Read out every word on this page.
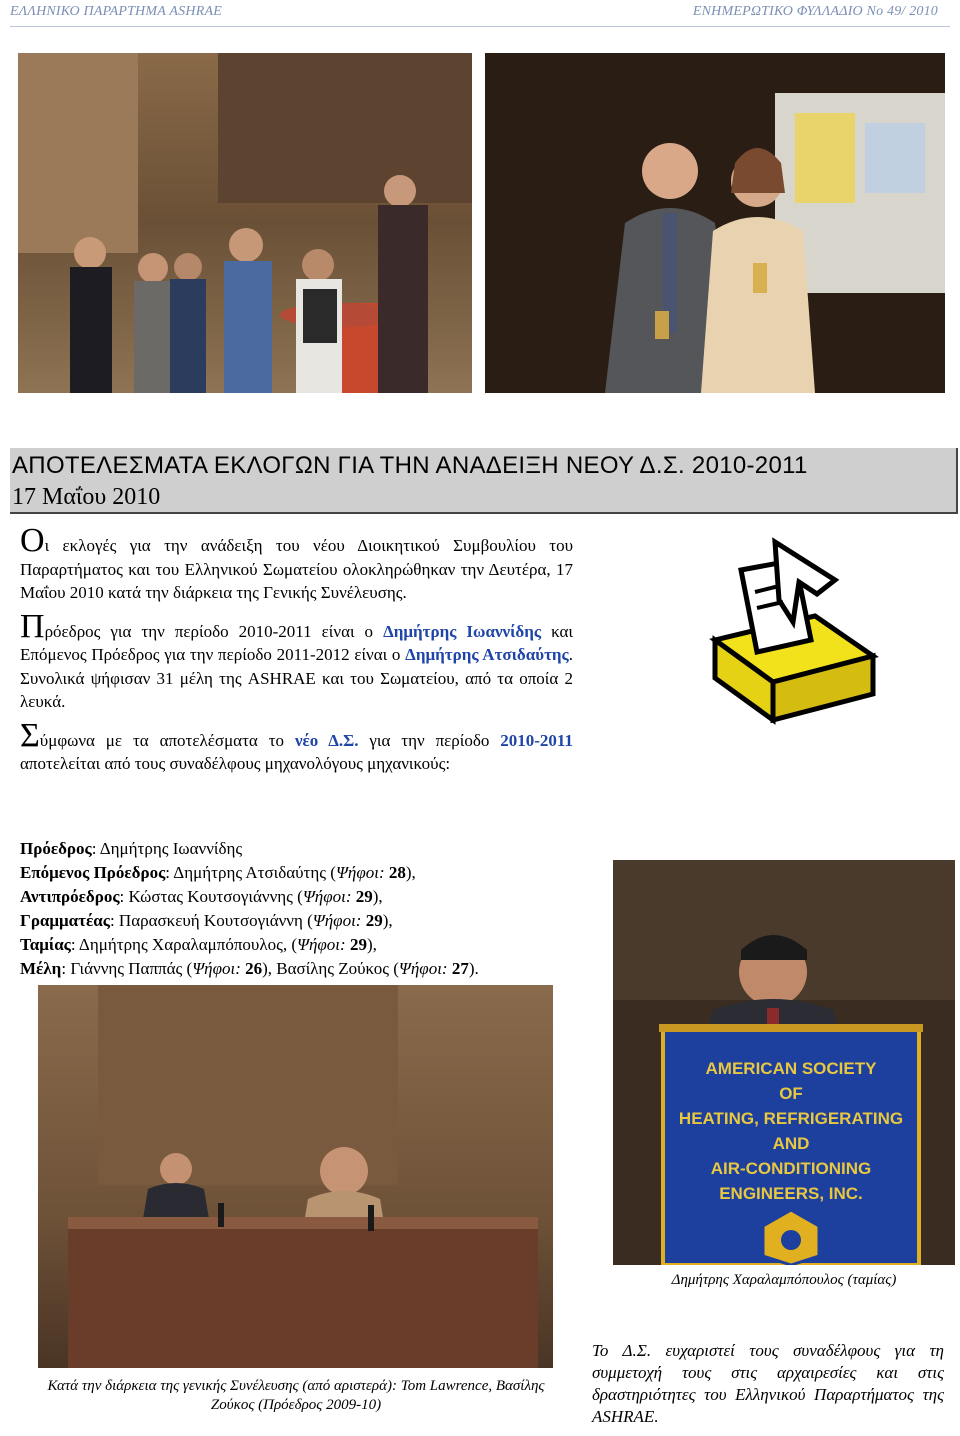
ΕΛΛΗΝΙΚΟ ΠΑΡΑΡΤΗΜΑ ASHRAE	ΕΝΗΜΕΡΩΤΙΚΟ ΦΥΛΛΑΔΙΟ No 49/ 2010
ΑΠΟΤΕΛΕΣΜΑΤΑ ΕΚΛΟΓΩΝ ΓΙΑ ΤΗΝ ΑΝΑΔΕΙΞΗ ΝΕΟΥ Δ.Σ. 2010-2011
17 Μαΐου 2010

Οι εκλογές για την ανάδειξη του νέου Διοικητικού Συμβουλίου του Παραρτήματος και του Ελληνικού Σωματείου ολοκληρώθηκαν την Δευτέρα, 17 Μαΐου 2010 κατά την διάρκεια της Γενικής Συνέλευσης.

Πρόεδρος για την περίοδο 2010-2011 είναι ο Δημήτρης Ιωαννίδης και Επόμενος Πρόεδρος για την περίοδο 2011-2012 είναι ο Δημήτρης Ατσιδαύτης. Συνολικά ψήφισαν 31 μέλη της ASHRAE και του Σωματείου, από τα οποία 2 λευκά.

Σύμφωνα με τα αποτελέσματα το νέο Δ.Σ. για την περίοδο 2010-2011 αποτελείται από τους συναδέλφους μηχανολόγους μηχανικούς:

Πρόεδρος: Δημήτρης Ιωαννίδης
Επόμενος Πρόεδρος: Δημήτρης Ατσιδαύτης (Ψήφοι: 28),
Αντιπρόεδρος: Κώστας Κουτσογιάννης (Ψήφοι: 29),
Γραμματέας: Παρασκευή Κουτσογιάννη (Ψήφοι: 29),
Ταμίας: Δημήτρης Χαραλαμπόπουλος, (Ψήφοι: 29),
Μέλη: Γιάννης Παππάς (Ψήφοι: 26), Βασίλης Ζούκος (Ψήφοι: 27).
AMERICAN SOCIETY
OF
HEATING, REFRIGERATING
AND
AIR-CONDITIONING
ENGINEERS, INC.
Δημήτρης Χαραλαμπόπουλος (ταμίας)
Κατά την διάρκεια της γενικής Συνέλευσης (από αριστερά): Tom Lawrence, Βασίλης Ζούκος (Πρόεδρος 2009-10)
Το Δ.Σ. ευχαριστεί τους συναδέλφους για τη συμμετοχή τους στις αρχαιρεσίες και στις δραστηριότητες του Ελληνικού Παραρτήματος της ASHRAE.
